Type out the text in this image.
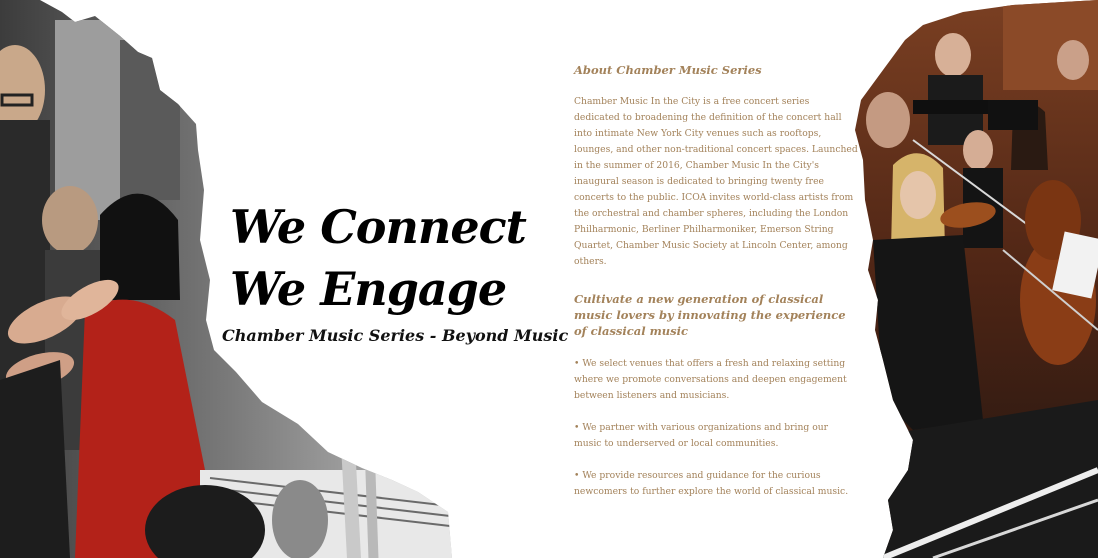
We Connect
We Engage
Chamber Music Series - Beyond Music
About Chamber Music Series
Chamber Music In the City is a free concert series dedicated to broadening the definition of the concert hall into intimate New York City venues such as rooftops, lounges, and other non-traditional concert spaces. Launched in the summer of 2016, Chamber Music In the City's inaugural season is dedicated to bringing twenty free concerts to the public. ICOA invites world-class artists from the orchestral and chamber spheres, including the London Philharmonic, Berliner Philharmoniker, Emerson String Quartet, Chamber Music Society at Lincoln Center, among others.
Cultivate a new generation of classical music lovers by innovating the experience of classical music
• We select venues that offers a fresh and relaxing setting where we promote conversations and deepen engagement between listeners and musicians.
• We partner with various organizations and bring our music to underserved or local communities.
• We provide resources and guidance for the curious newcomers to further explore the world of classical music.
